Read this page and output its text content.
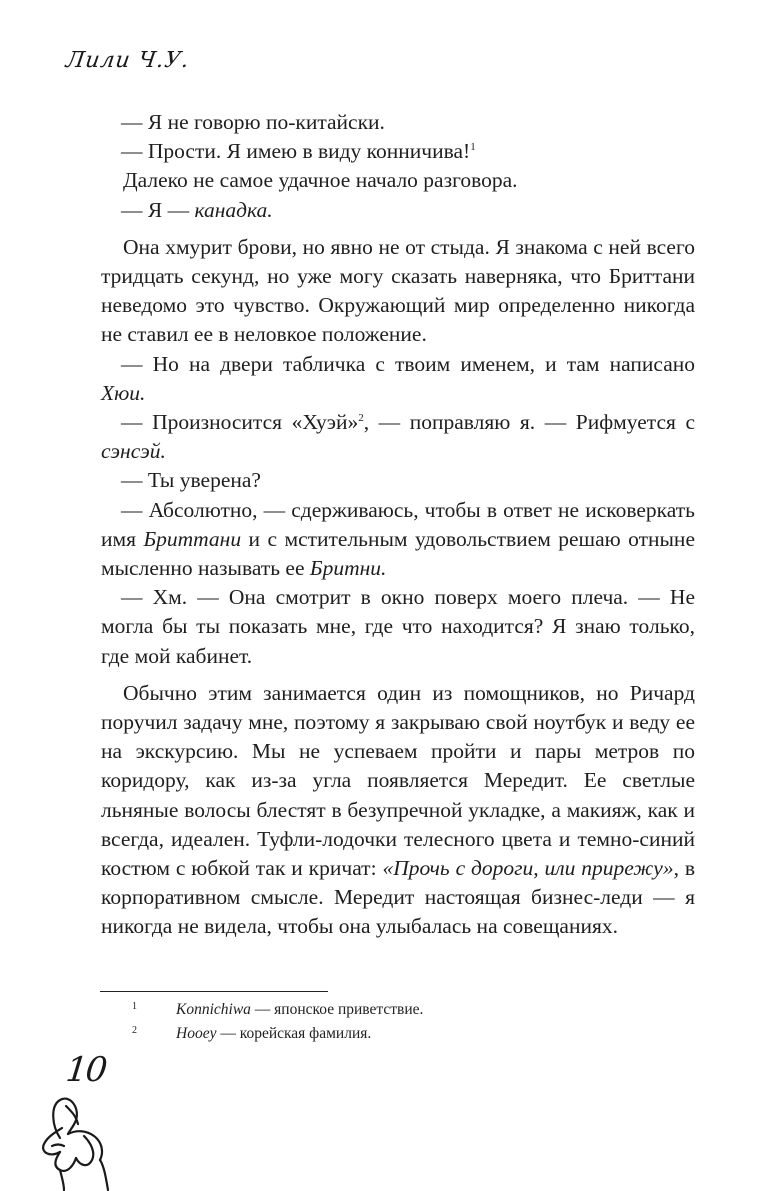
Лили Ч.У.

— Я не говорю по-китайски.

— Прости. Я имею в виду конничива!$^1$

Далеко не самое удачное начало разговора.

— Я — канадка.

Она хмурит брови, но явно не от стыда. Я знакома с ней всего тридцать секунд, но уже могу сказать наверняка, что Бриттани неведомо это чувство. Окружающий мир определенно никогда не ставил ее в неловкое положение.

— Но на двери табличка с твоим именем, и там написано Хюи.

— Произносится «Хуэй»$^2$, — поправляю я. — Рифмуется с сэнсэй.

— Ты уверена?

— Абсолютно, — сдерживаюсь, чтобы в ответ не исковеркать имя Бриттани и с мстительным удовольствием решаю отныне мысленно называть ее Бритни.

— Хм. — Она смотрит в окно поверх моего плеча. — Не могла бы ты показать мне, где что находится? Я знаю только, где мой кабинет.

Обычно этим занимается один из помощников, но Ричард поручил задачу мне, поэтому я закрываю свой ноутбук и веду ее на экскурсию. Мы не успеваем пройти и пары метров по коридору, как из-за угла появляется Мередит. Ее светлые льняные волосы блестят в безупречной укладке, а макияж, как и всегда, идеален. Туфли-лодочки телесного цвета и темно-синий костюм с юбкой так и кричат: «Прочь с дороги, или прирежу», в корпоративном смысле. Мередит настоящая бизнес-леди — я никогда не видела, чтобы она улыбалась на совещаниях.

1	Konnichiwa — японское приветствие.
2	Hooey — корейская фамилия.
10
